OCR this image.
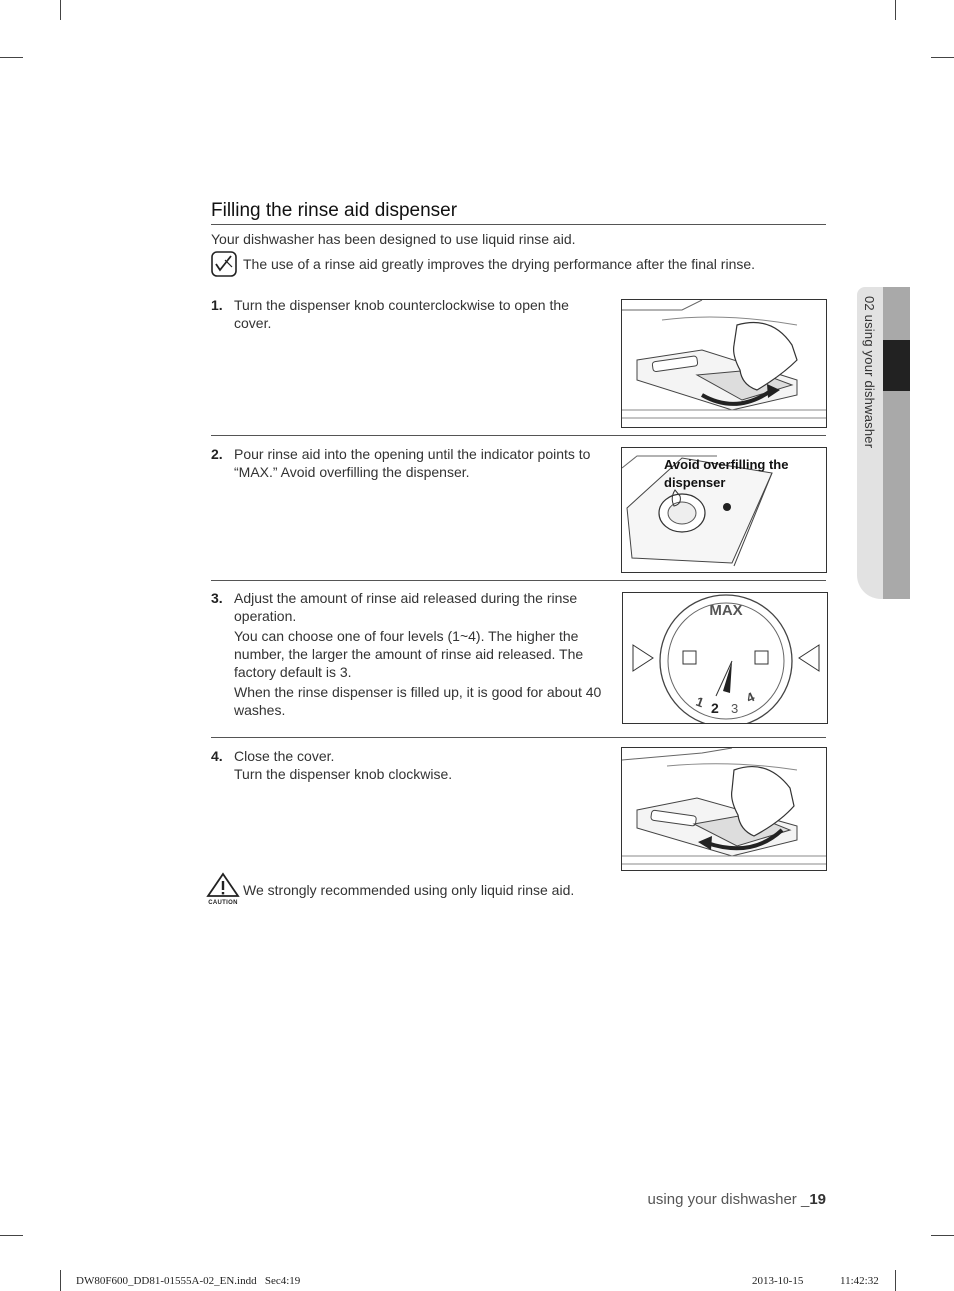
Filling the rinse aid dispenser
Your dishwasher has been designed to use liquid rinse aid.
The use of a rinse aid greatly improves the drying performance after the final rinse.
1. Turn the dispenser knob counterclockwise to open the cover.

2. Pour rinse aid into the opening until the indicator points to “MAX.” Avoid overfilling the dispenser.	Avoid overfilling the dispenser
3. Adjust the amount of rinse aid released during the rinse operation.

You can choose one of four levels (1~4). The higher the number, the larger the amount of rinse aid released. The factory default is 3.

When the rinse dispenser is filled up, it is good for about 40 washes.

MAX
1 2 3
4
4. Close the cover.

Turn the dispenser knob clockwise.

CAUTION
We strongly recommended using only liquid rinse aid.
02 using your dishwasher
using your dishwasher _19
DW80F600_DD81-01555A-02_EN.indd   Sec4:19	2013-10-15	11:42:32
